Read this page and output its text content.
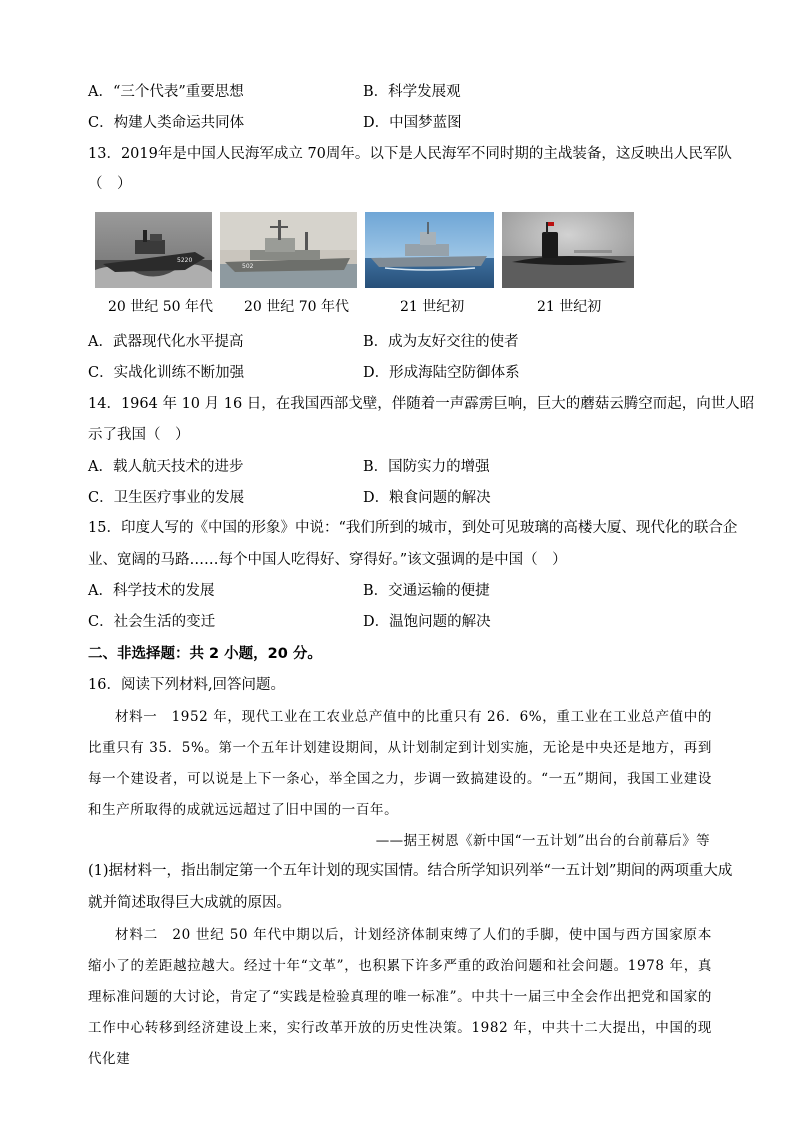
A．“三个代表”重要思想	B．科学发展观
C．构建人类命运共同体	D．中国梦蓝图
13．2019年是中国人民海军成立 70周年。以下是人民海军不同时期的主战装备，这反映出人民军队
（　）
5220
502
20 世纪 50 年代 20 世纪 70 年代	21 世纪初	21 世纪初
A．武器现代化水平提高	B．成为友好交往的使者
C．实战化训练不断加强	D．形成海陆空防御体系
14．1964 年 10 月 16 日，在我国西部戈壁，伴随着一声霹雳巨响，巨大的蘑菇云腾空而起，向世人昭
示了我国（　）
A．载人航天技术的进步	B．国防实力的增强
C．卫生医疗事业的发展	D．粮食问题的解决
15．印度人写的《中国的形象》中说：“我们所到的城市，到处可见玻璃的高楼大厦、现代化的联合企
业、宽阔的马路……每个中国人吃得好、穿得好。”该文强调的是中国（　）
A．科学技术的发展	B．交通运输的便捷
C．社会生活的变迁	D．温饱问题的解决
二、非选择题：共 2 小题，20 分。
16．阅读下列材料,回答问题。

材料一　1952 年，现代工业在工农业总产值中的比重只有 26．6%，重工业在工业总产值中的比重只有 35．5%。第一个五年计划建设期间，从计划制定到计划实施，无论是中央还是地方，再到每一个建设者，可以说是上下一条心，举全国之力，步调一致搞建设的。“一五”期间，我国工业建设和生产所取得的成就远远超过了旧中国的一百年。

——据王树恩《新中国“一五计划”出台的台前幕后》等
(1)据材料一，指出制定第一个五年计划的现实国情。结合所学知识列举“一五计划”期间的两项重大成
就并简述取得巨大成就的原因。

材料二　20 世纪 50 年代中期以后，计划经济体制束缚了人们的手脚，使中国与西方国家原本缩小了的差距越拉越大。经过十年“文革”，也积累下许多严重的政治问题和社会问题。1978 年，真理标准问题的大讨论，肯定了“实践是检验真理的唯一标准”。中共十一届三中全会作出把党和国家的工作中心转移到经济建设上来，实行改革开放的历史性决策。1982 年，中共十二大提出，中国的现代化建
